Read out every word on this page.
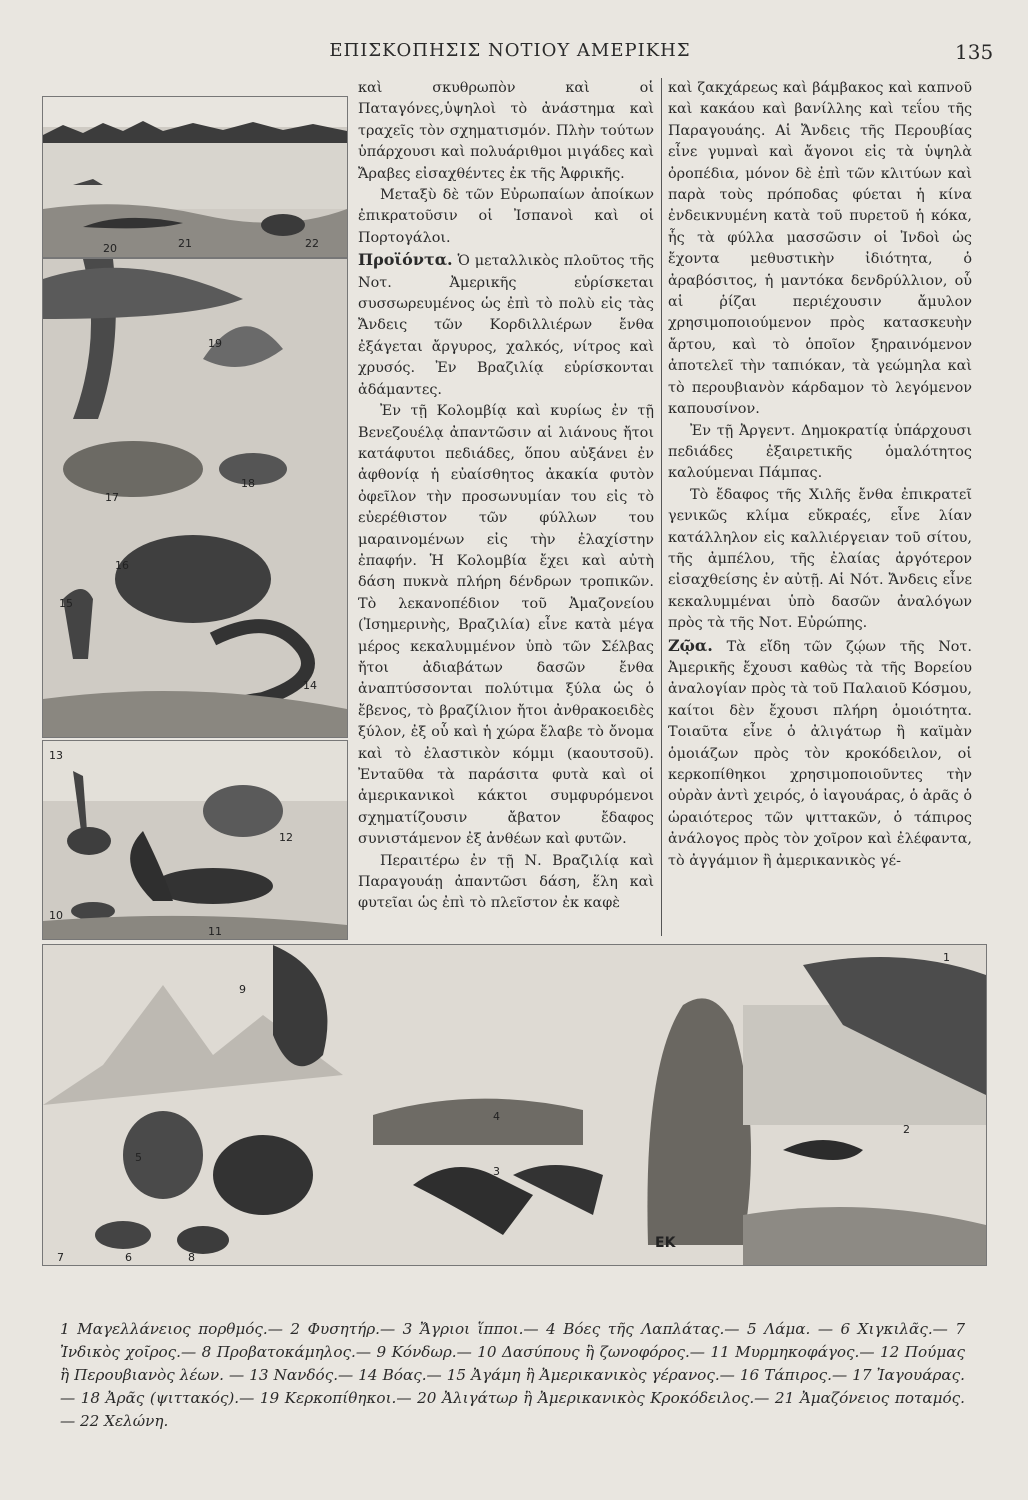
ΕΠΙΣΚΟΠΗΣΙΣ ΝΟΤΙΟΥ ΑΜΕΡΙΚΗΣ	135
20	21	22
19
18
17
16
15
14
13
12
11
10

καὶ σκυθρωπὸν καὶ οἱ Παταγόνες,ὑψηλοὶ τὸ ἀνάστημα καὶ τραχεῖς τὸν σχηματισμόν. Πλὴν τούτων ὑπάρχουσι καὶ πολυάριθμοι μιγάδες καὶ Ἄραβες εἰσαχθέντες ἐκ τῆς Ἀφρικῆς.

Μεταξὺ δὲ τῶν Εὐρωπαίων ἀποίκων ἐπικρατοῦσιν οἱ Ἰσπανοὶ καὶ οἱ Πορτογάλοι.

Προϊόντα. Ὁ μεταλλικὸς πλοῦτος τῆς Νοτ. Ἀμερικῆς εὑρίσκεται συσσωρευμένος ὡς ἐπὶ τὸ πολὺ εἰς τὰς Ἄνδεις τῶν Κορδιλλιέρων ἔνθα ἐξάγεται ἄργυρος, χαλκός, νίτρος καὶ χρυσός. Ἐν Βραζιλίᾳ εὑρίσκονται ἀδάμαντες.

Ἐν τῇ Κολομβίᾳ καὶ κυρίως ἐν τῇ Βενεζουέλᾳ ἀπαντῶσιν αἱ λιάνους ἤτοι κατάφυτοι πεδιάδες, ὅπου αὐξάνει ἐν ἀφθονίᾳ ἡ εὐαίσθητος ἀκακία φυτὸν ὀφεῖλον τὴν προσωνυμίαν του εἰς τὸ εὐερέθιστον τῶν φύλλων του μαραινομένων εἰς τὴν ἐλαχίστην ἐπαφήν. Ἡ Κολομβία ἔχει καὶ αὐτὴ δάση πυκνὰ πλήρη δένδρων τροπικῶν. Τὸ λεκανοπέδιον τοῦ Ἀμαζονείου (Ἰσημερινὴς, Βραζιλία) εἶνε κατὰ μέγα μέρος κεκαλυμμένον ὑπὸ τῶν Σέλβας ἤτοι ἀδιαβάτων δασῶν ἔνθα ἀναπτύσσονται πολύτιμα ξύλα ὡς ὁ ἔβενος, τὸ βραζίλιον ἤτοι ἀνθρακοειδὲς ξύλον, ἐξ οὗ καὶ ἡ χώρα ἔλαβε τὸ ὄνομα καὶ τὸ ἐλαστικὸν κόμμι (καουτσοῦ). Ἐνταῦθα τὰ παράσιτα φυτὰ καὶ οἱ ἀμερικανικοὶ κάκτοι συμφυρόμενοι σχηματίζουσιν ἄβατον ἔδαφος συνιστάμενον ἐξ ἀνθέων καὶ φυτῶν.

Περαιτέρω ἐν τῇ Ν. Βραζιλίᾳ καὶ Παραγουάῃ ἀπαντῶσι δάση, ἕλη καὶ φυτεῖαι ὡς ἐπὶ τὸ πλεῖστον ἐκ καφὲ

καὶ ζακχάρεως καὶ βάμβακος καὶ καπνοῦ καὶ κακάου καὶ βανίλλης καὶ τεΐου τῆς Παραγουάης. Αἱ Ἄνδεις τῆς Περουβίας εἶνε γυμναὶ καὶ ἄγονοι εἰς τὰ ὑψηλὰ ὀροπέδια, μόνον δὲ ἐπὶ τῶν κλιτύων καὶ παρὰ τοὺς πρόποδας φύεται ἡ κίνα ἐνδεικνυμένη κατὰ τοῦ πυρετοῦ ἡ κόκα, ἧς τὰ φύλλα μασσῶσιν οἱ Ἰνδοὶ ὡς ἔχοντα μεθυστικὴν ἰδιότητα, ὁ ἀραβόσιτος, ἡ μαντόκα δενδρύλλιον, οὗ αἱ ῥίζαι περιέχουσιν ἄμυλον χρησιμοποιούμενον πρὸς κατασκευὴν ἄρτου, καὶ τὸ ὁποῖον ξηραινόμενον ἀποτελεῖ τὴν ταπιόκαν, τὰ γεώμηλα καὶ τὸ περουβιανὸν κάρδαμον τὸ λεγόμενον καπουσίνον.

Ἐν τῇ Ἀργεντ. Δημοκρατίᾳ ὑπάρχουσι πεδιάδες ἐξαιρετικῆς ὁμαλότητος καλούμεναι Πάμπας.

Τὸ ἔδαφος τῆς Χιλῆς ἔνθα ἐπικρατεῖ γενικῶς κλίμα εὔκραές, εἶνε λίαν κατάλληλον εἰς καλλιέργειαν τοῦ σίτου, τῆς ἀμπέλου, τῆς ἐλαίας ἀργότερον εἰσαχθείσης ἐν αὐτῇ. Αἱ Νότ. Ἄνδεις εἶνε κεκαλυμμέναι ὑπὸ δασῶν ἀναλόγων πρὸς τὰ τῆς Νοτ. Εὐρώπης.

Ζῷα. Τὰ εἴδη τῶν ζῴων τῆς Νοτ. Ἀμερικῆς ἔχουσι καθὼς τὰ τῆς Βορείου ἀναλογίαν πρὸς τὰ τοῦ Παλαιοῦ Κόσμου, καίτοι δὲν ἔχουσι πλήρη ὁμοιότητα. Τοιαῦτα εἶνε ὁ ἀλιγάτωρ ἢ καϊμὰν ὁμοιάζων πρὸς τὸν κροκόδειλον, οἱ κερκοπίθηκοι χρησιμοποιοῦντες τὴν οὐρὰν ἀντὶ χειρός, ὁ ἰαγουάρας, ὁ ἀρᾶς ὁ ὡραιότερος τῶν ψιττακῶν, ὁ τάπιρος ἀνάλογος πρὸς τὸν χοῖρον καὶ ἐλέφαντα, τὸ ἀγγάμιον ἢ ἀμερικανικὸς γέ-

1
2
3
4
5
6
7	8
9
ΕΚ
1 Μαγελλάνειος πορθμός.— 2 Φυσητήρ.— 3 Ἄγριοι ἵπποι.— 4 Βόες τῆς Λαπλάτας.— 5 Λάμα. — 6 Χιγκιλᾶς.— 7 Ἰνδικὸς χοῖρος.— 8 Προβατοκάμηλος.— 9 Κόνδωρ.— 10 Δασύπους ἢ ζωνοφόρος.— 11 Μυρμηκοφάγος.— 12 Πούμας ἢ Περουβιανὸς λέων. — 13 Νανδός.— 14 Βόας.— 15 Ἀγάμη ἢ Ἀμερικανικὸς γέρανος.— 16 Τάπιρος.— 17 Ἰαγουάρας. — 18 Ἀρᾶς (ψιττακός).— 19 Κερκοπίθηκοι.— 20 Ἀλιγάτωρ ἢ Ἀμερικανικὸς Κροκόδειλος.— 21 Ἀμαζόνειος ποταμός.— 22 Χελώνη.
